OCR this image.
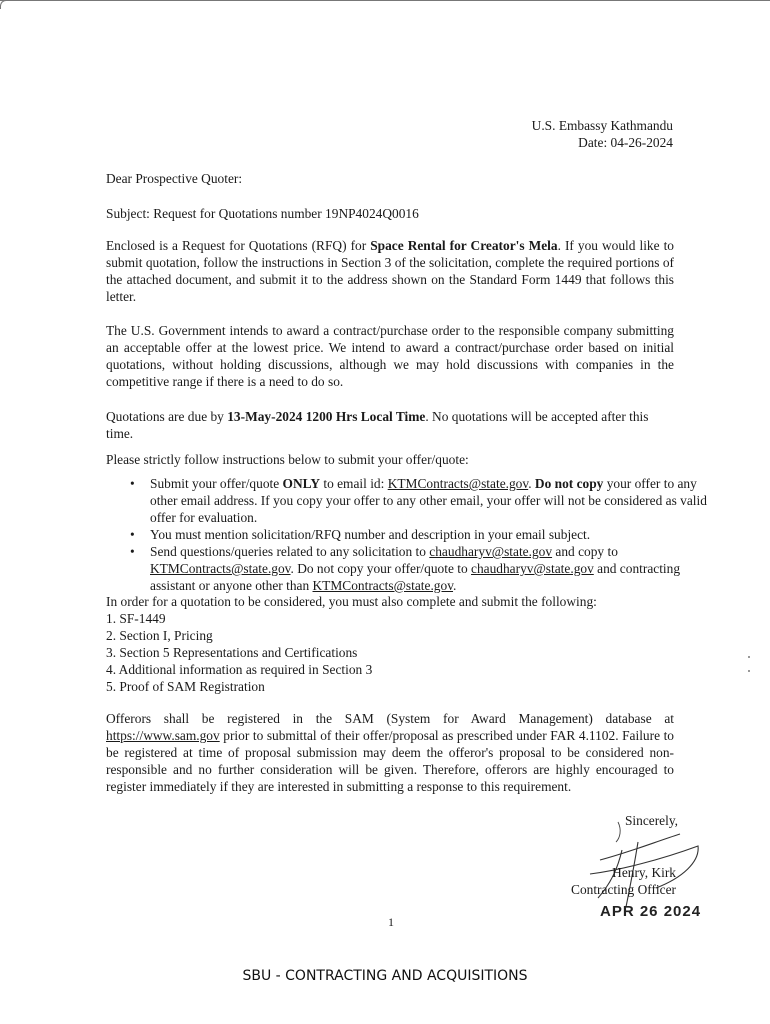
U.S. Embassy Kathmandu

Date: 04-26-2024

Dear Prospective Quoter:

Subject: Request for Quotations number 19NP4024Q0016

Enclosed is a Request for Quotations (RFQ) for Space Rental for Creator's Mela. If you would like to submit quotation, follow the instructions in Section 3 of the solicitation, complete the required portions of the attached document, and submit it to the address shown on the Standard Form 1449 that follows this letter.

The U.S. Government intends to award a contract/purchase order to the responsible company submitting an acceptable offer at the lowest price. We intend to award a contract/purchase order based on initial quotations, without holding discussions, although we may hold discussions with companies in the competitive range if there is a need to do so.

Quotations are due by 13-May-2024 1200 Hrs Local Time. No quotations will be accepted after this time.

Please strictly follow instructions below to submit your offer/quote:

• Submit your offer/quote ONLY to email id: KTMContracts@state.gov. Do not copy your offer to any other email address. If you copy your offer to any other email, your offer will not be considered as valid offer for evaluation.
• You must mention solicitation/RFQ number and description in your email subject.
• Send questions/queries related to any solicitation to chaudharyv@state.gov and copy to KTMContracts@state.gov. Do not copy your offer/quote to chaudharyv@state.gov and contracting assistant or anyone other than KTMContracts@state.gov.

In order for a quotation to be considered, you must also complete and submit the following:

1. SF-1449
2. Section I, Pricing
3. Section 5 Representations and Certifications
4. Additional information as required in Section 3
5. Proof of SAM Registration

Offerors shall be registered in the SAM (System for Award Management) database at https://www.sam.gov prior to submittal of their offer/proposal as prescribed under FAR 4.1102. Failure to be registered at time of proposal submission may deem the offeror's proposal to be considered non-responsible and no further consideration will be given. Therefore, offerors are highly encouraged to register immediately if they are interested in submitting a response to this requirement.

Sincerely,

Henry, Kirk

Contracting Officer

APR 26 2024
1
SBU - CONTRACTING AND ACQUISITIONS
